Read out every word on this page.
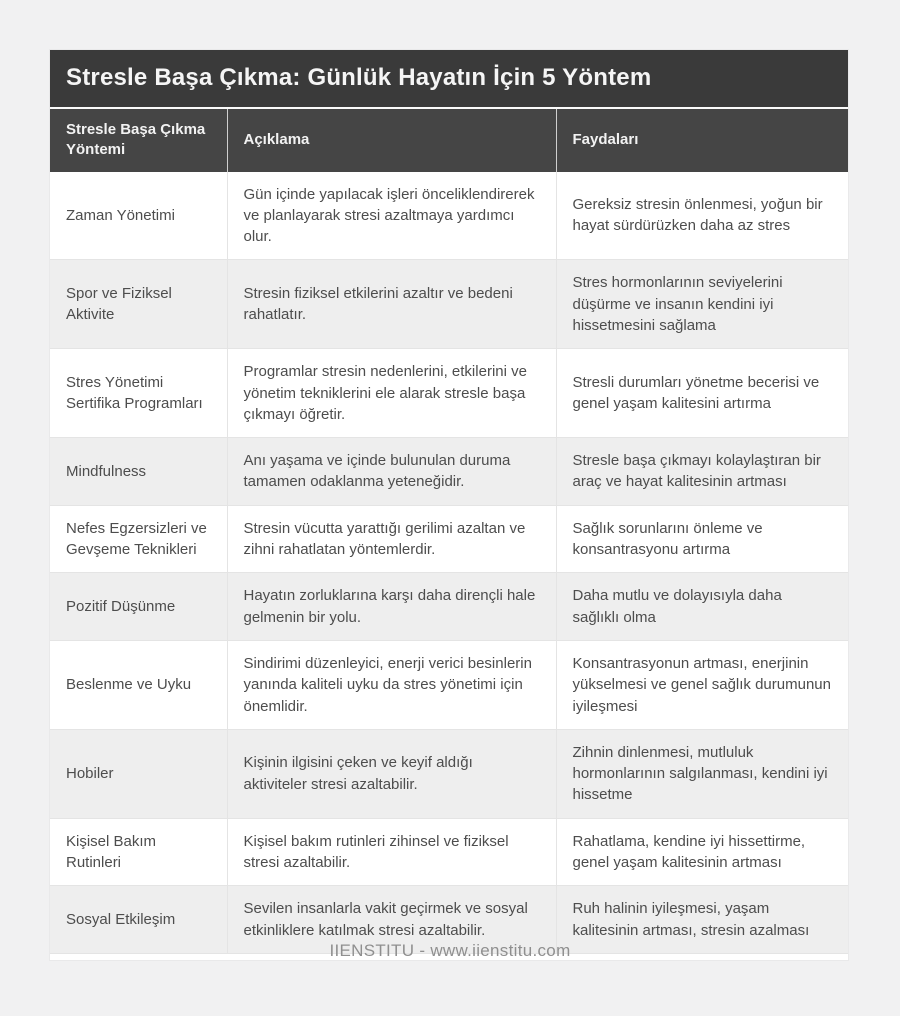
Stresle Başa Çıkma: Günlük Hayatın İçin 5 Yöntem
Stresle Başa Çıkma Yöntemi	Açıklama	Faydaları
Zaman Yönetimi	Gün içinde yapılacak işleri önceliklendirerek ve planlayarak stresi azaltmaya yardımcı olur.	Gereksiz stresin önlenmesi, yoğun bir hayat sürdürüzken daha az stres
Spor ve Fiziksel Aktivite	Stresin fiziksel etkilerini azaltır ve bedeni rahatlatır.	Stres hormonlarının seviyelerini düşürme ve insanın kendini iyi hissetmesini sağlama
Stres Yönetimi Sertifika Programları	Programlar stresin nedenlerini, etkilerini ve yönetim tekniklerini ele alarak stresle başa çıkmayı öğretir.	Stresli durumları yönetme becerisi ve genel yaşam kalitesini artırma
Mindfulness	Anı yaşama ve içinde bulunulan duruma tamamen odaklanma yeteneğidir.	Stresle başa çıkmayı kolaylaştıran bir araç ve hayat kalitesinin artması
Nefes Egzersizleri ve Gevşeme Teknikleri	Stresin vücutta yarattığı gerilimi azaltan ve zihni rahatlatan yöntemlerdir.	Sağlık sorunlarını önleme ve konsantrasyonu artırma
Pozitif Düşünme	Hayatın zorluklarına karşı daha dirençli hale gelmenin bir yolu.	Daha mutlu ve dolayısıyla daha sağlıklı olma
Beslenme ve Uyku	Sindirimi düzenleyici, enerji verici besinlerin yanında kaliteli uyku da stres yönetimi için önemlidir.	Konsantrasyonun artması, enerjinin yükselmesi ve genel sağlık durumunun iyileşmesi
Hobiler	Kişinin ilgisini çeken ve keyif aldığı aktiviteler stresi azaltabilir.	Zihnin dinlenmesi, mutluluk hormonlarının salgılanması, kendini iyi hissetme
Kişisel Bakım Rutinleri	Kişisel bakım rutinleri zihinsel ve fiziksel stresi azaltabilir.	Rahatlama, kendine iyi hissettirme, genel yaşam kalitesinin artması
Sosyal Etkileşim	Sevilen insanlarla vakit geçirmek ve sosyal etkinliklere katılmak stresi azaltabilir.	Ruh halinin iyileşmesi, yaşam kalitesinin artması, stresin azalması
IIENSTITU - www.iienstitu.com
